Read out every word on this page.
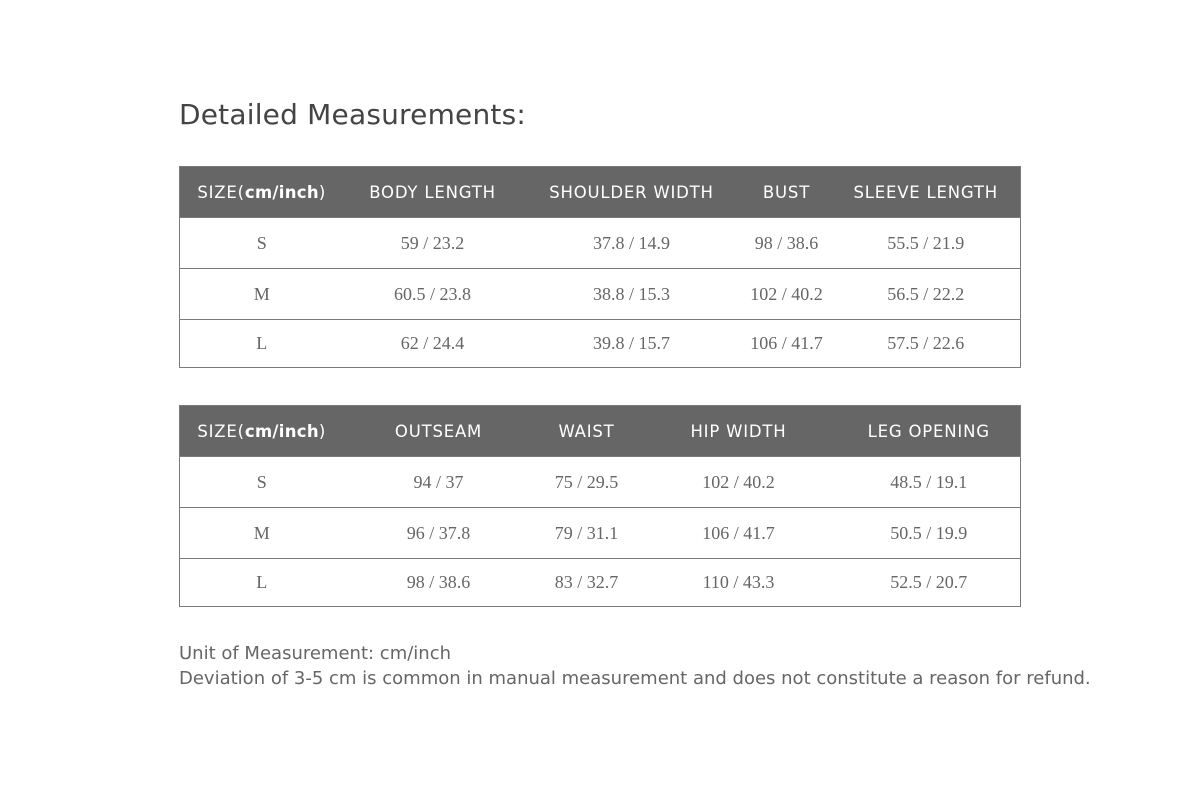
Detailed Measurements:
SIZE(cm/inch)	BODY LENGTH	SHOULDER WIDTH	BUST	SLEEVE LENGTH
S	59 / 23.2	37.8 / 14.9	98 / 38.6	55.5 / 21.9
M	60.5 / 23.8	38.8 / 15.3	102 / 40.2	56.5 / 22.2
L	62 / 24.4	39.8 / 15.7	106 / 41.7	57.5 / 22.6
SIZE(cm/inch)	OUTSEAM	WAIST	HIP WIDTH	LEG OPENING
S	94 / 37	75 / 29.5	102 / 40.2	48.5 / 19.1
M	96 / 37.8	79 / 31.1	106 / 41.7	50.5 / 19.9
L	98 / 38.6	83 / 32.7	110 / 43.3	52.5 / 20.7
Unit of Measurement: cm/inch
Deviation of 3-5 cm is common in manual measurement and does not constitute a reason for refund.
